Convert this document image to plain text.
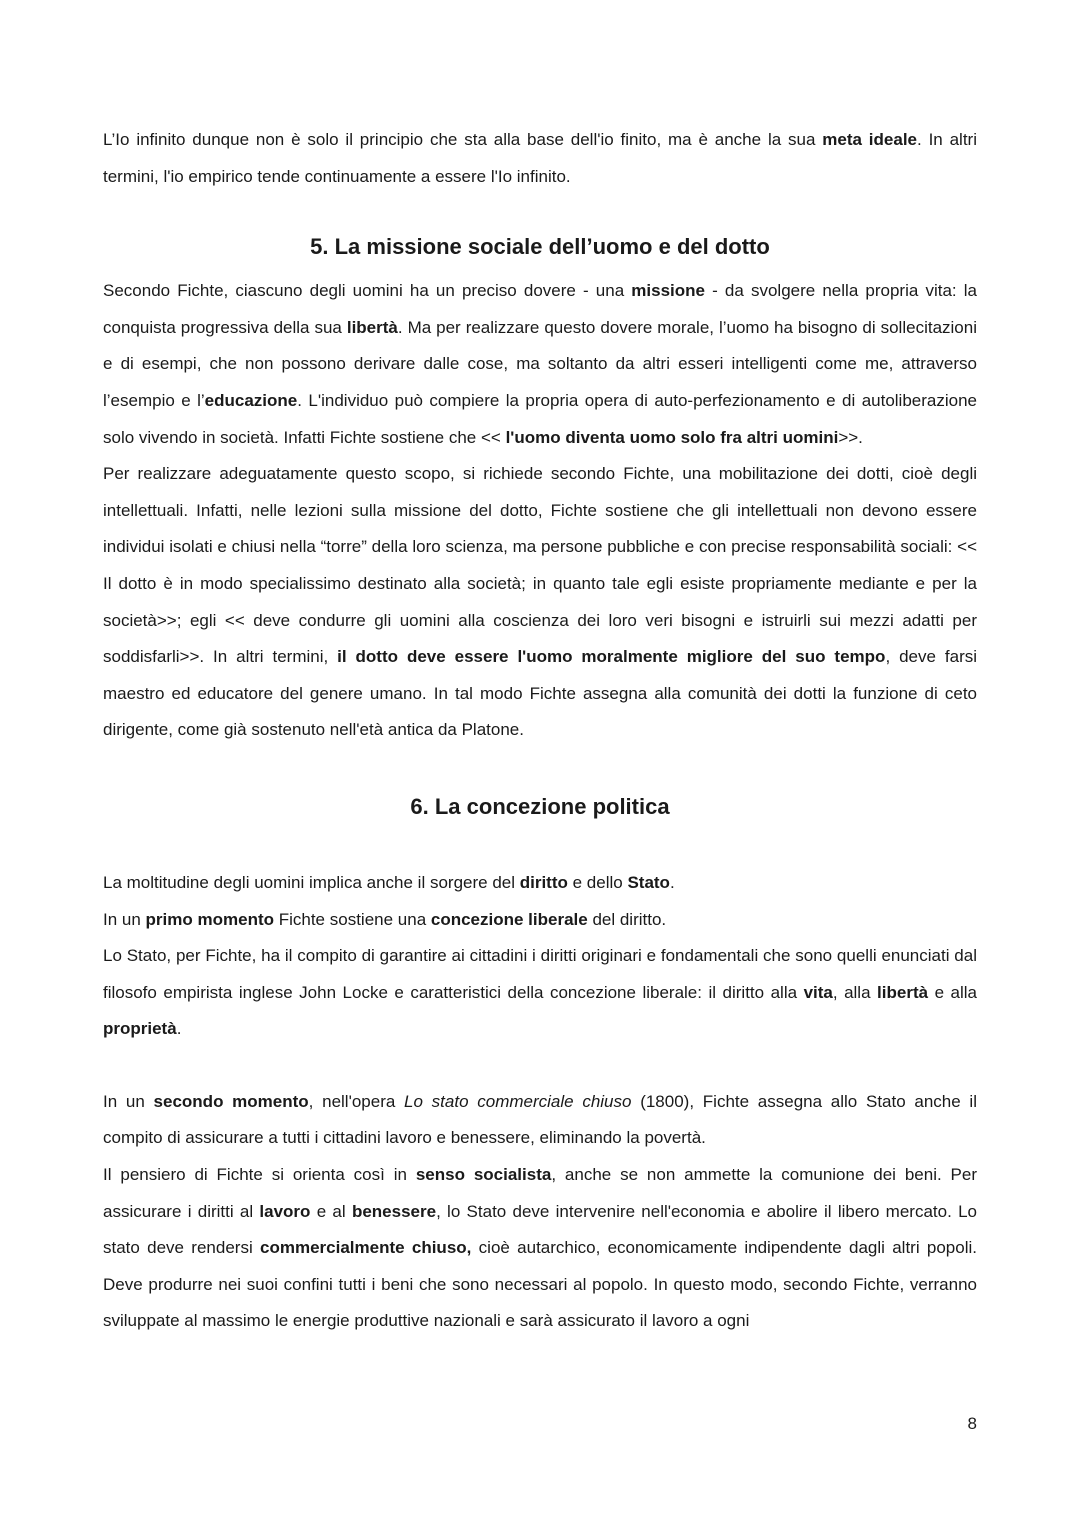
L’Io infinito dunque non è solo il principio che sta alla base dell'io finito, ma è anche la sua meta ideale. In altri termini, l'io empirico tende continuamente a essere l'Io infinito.

5. La missione sociale dell’uomo e del dotto

Secondo Fichte, ciascuno degli uomini ha un preciso dovere - una missione - da svolgere nella propria vita: la conquista progressiva della sua libertà. Ma per realizzare questo dovere morale, l’uomo ha bisogno di sollecitazioni e di esempi, che non possono derivare dalle cose, ma soltanto da altri esseri intelligenti come me, attraverso l’esempio e l’educazione. L'individuo può compiere la propria opera di auto-perfezionamento e di autoliberazione solo vivendo in società. Infatti Fichte sostiene che << l'uomo diventa uomo solo fra altri uomini>>.

Per realizzare adeguatamente questo scopo, si richiede secondo Fichte, una mobilitazione dei dotti, cioè degli intellettuali. Infatti, nelle lezioni sulla missione del dotto, Fichte sostiene che gli intellettuali non devono essere individui isolati e chiusi nella “torre” della loro scienza, ma persone pubbliche e con precise responsabilità sociali: << Il dotto è in modo specialissimo destinato alla società; in quanto tale egli esiste propriamente mediante e per la società>>; egli << deve condurre gli uomini alla coscienza dei loro veri bisogni e istruirli sui mezzi adatti per soddisfarli>>. In altri termini, il dotto deve essere l'uomo moralmente migliore del suo tempo, deve farsi maestro ed educatore del genere umano. In tal modo Fichte assegna alla comunità dei dotti la funzione di ceto dirigente, come già sostenuto nell'età antica da Platone.

6. La concezione politica

La moltitudine degli uomini implica anche il sorgere del diritto e dello Stato.

In un primo momento Fichte sostiene una concezione liberale del diritto.

Lo Stato, per Fichte, ha il compito di garantire ai cittadini i diritti originari e fondamentali che sono quelli enunciati dal filosofo empirista inglese John Locke e caratteristici della concezione liberale: il diritto alla vita, alla libertà e alla proprietà.

In un secondo momento, nell'opera Lo stato commerciale chiuso (1800), Fichte assegna allo Stato anche il compito di assicurare a tutti i cittadini lavoro e benessere, eliminando la povertà.

Il pensiero di Fichte si orienta così in senso socialista, anche se non ammette la comunione dei beni. Per assicurare i diritti al lavoro e al benessere, lo Stato deve intervenire nell'economia e abolire il libero mercato. Lo stato deve rendersi commercialmente chiuso, cioè autarchico, economicamente indipendente dagli altri popoli. Deve produrre nei suoi confini tutti i beni che sono necessari al popolo. In questo modo, secondo Fichte, verranno sviluppate al massimo le energie produttive nazionali e sarà assicurato il lavoro a ogni

8
